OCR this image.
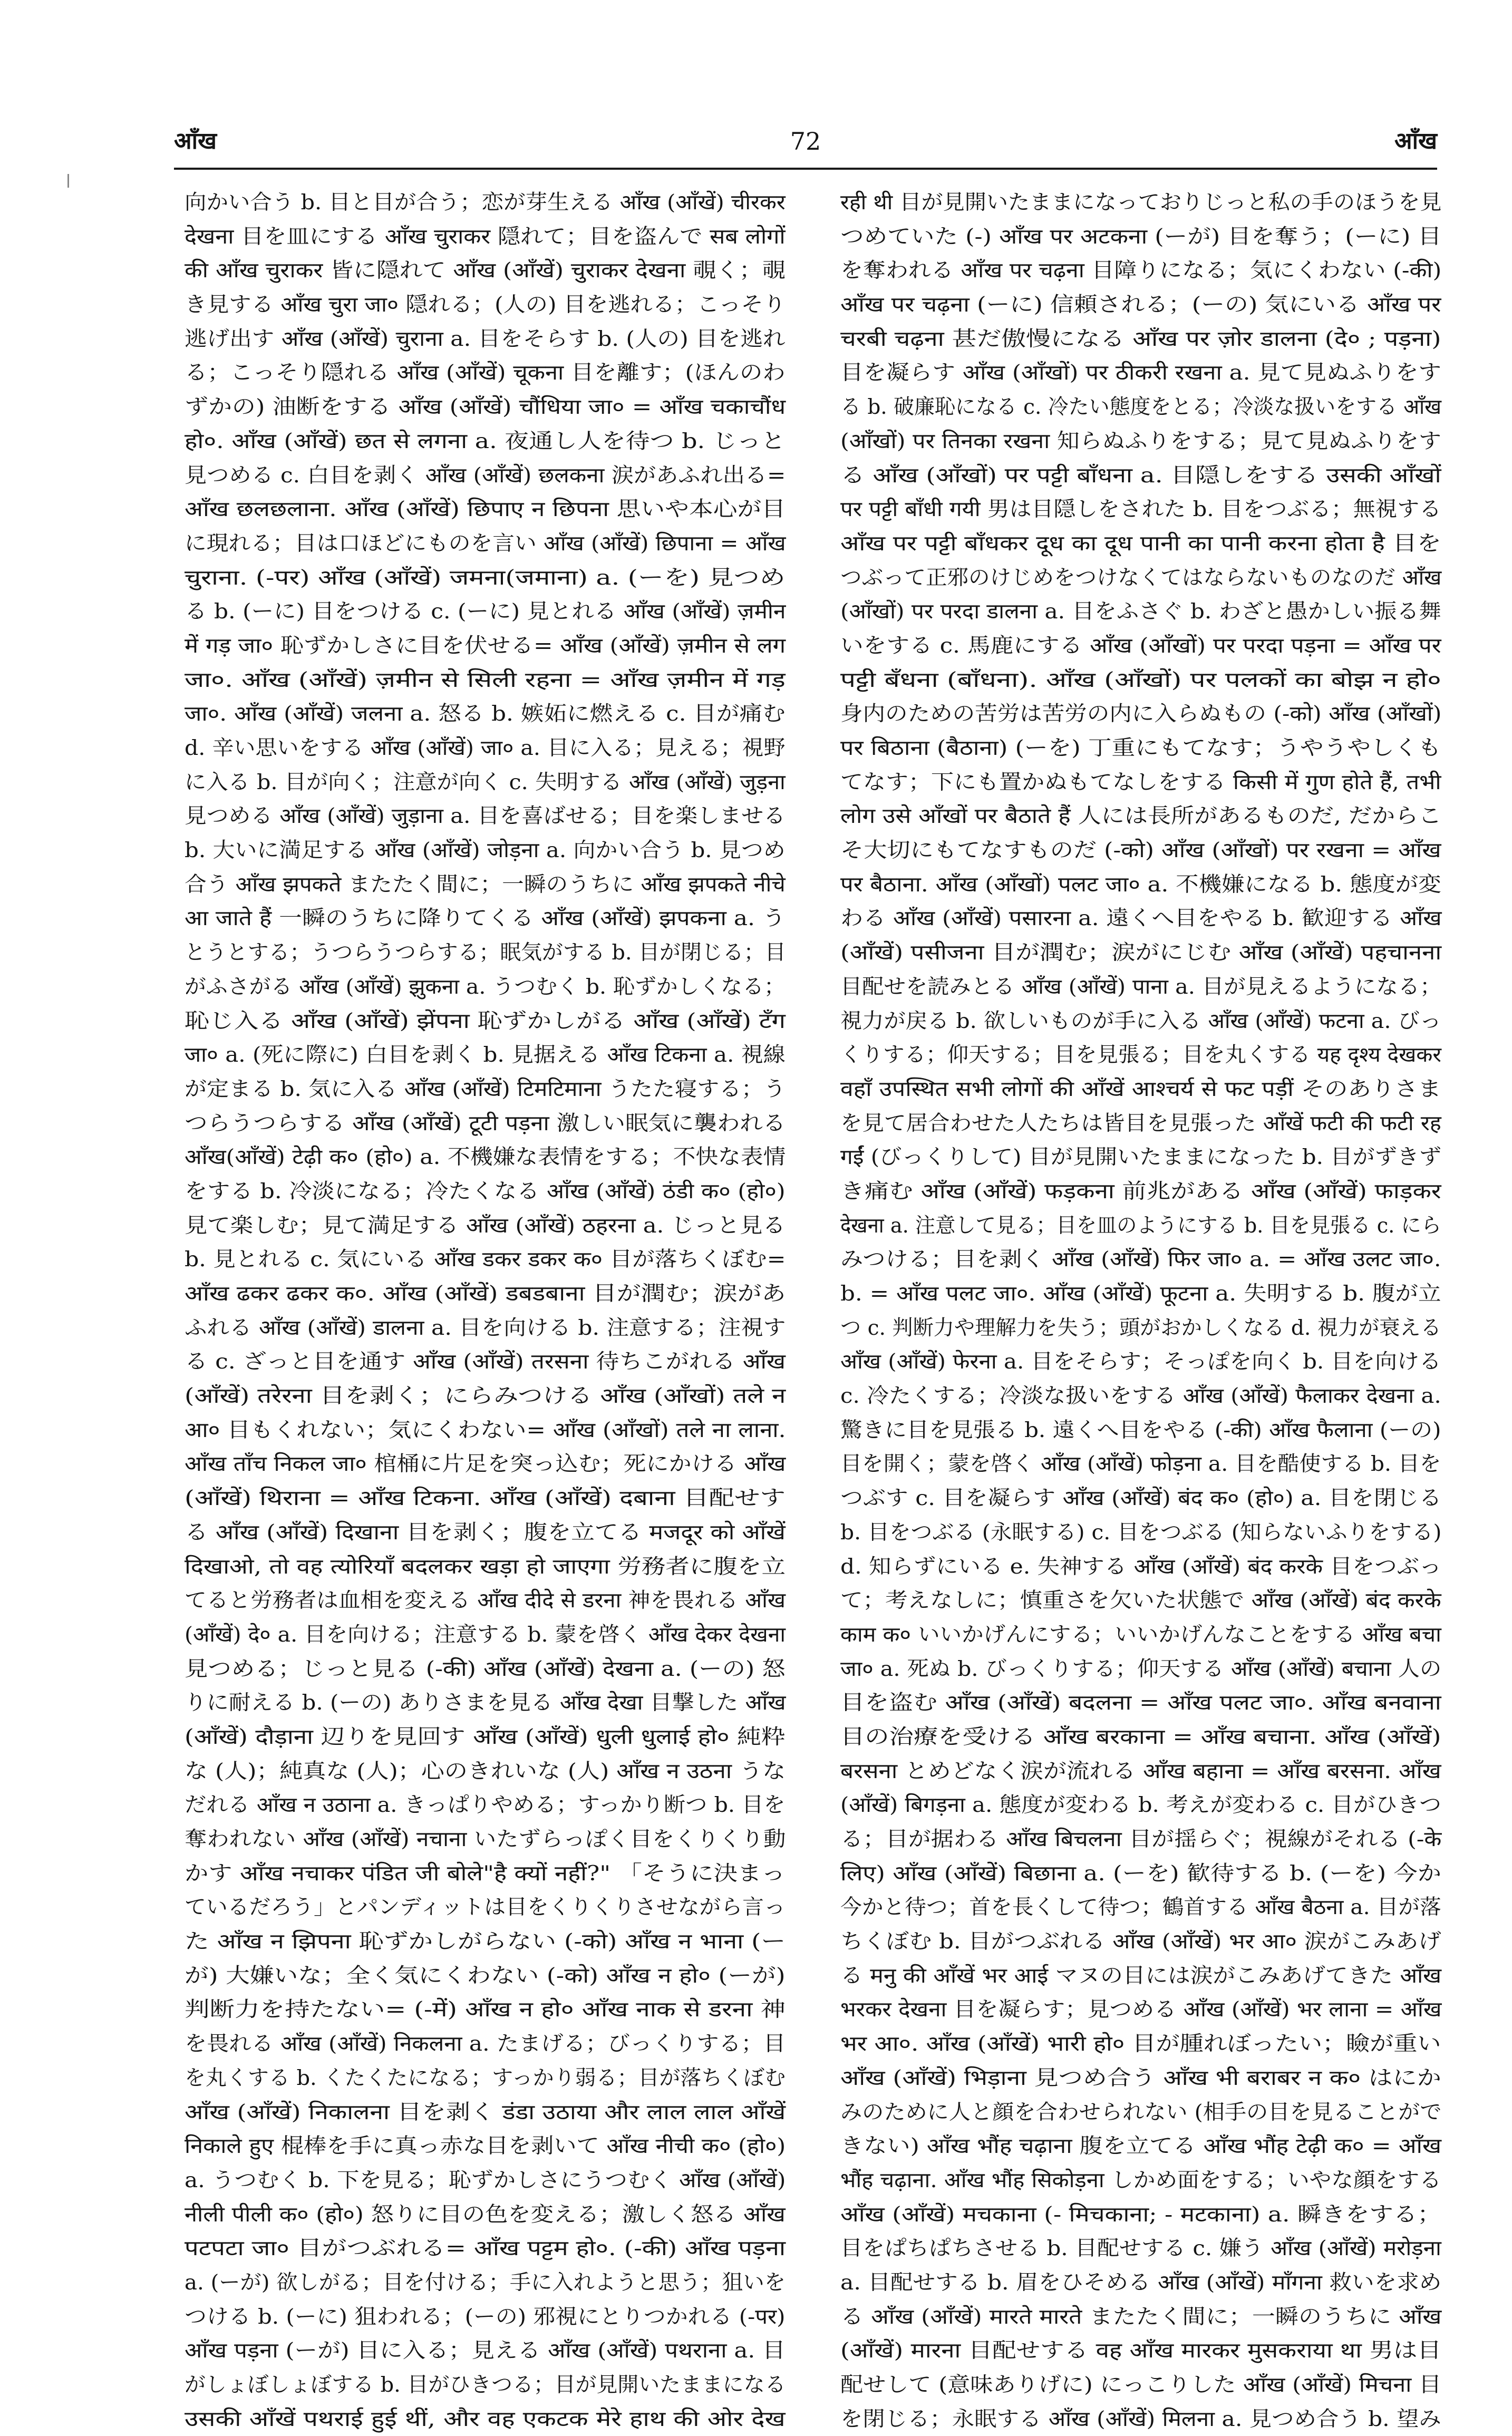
72
आँख	आँख
向かい合う b. 目と目が合う；恋が芽生える आँख (आँखें) चीरकर
देखना 目を皿にする आँख चुराकर 隠れて；目を盗んで सब लोगों
की आँख चुराकर 皆に隠れて आँख (आँखें) चुराकर देखना 覗く；覗
き見する आँख चुरा जा० 隠れる；(人の) 目を逃れる；こっそり
逃げ出す आँख (आँखें) चुराना a. 目をそらす b. (人の) 目を逃れ
る；こっそり隠れる आँख (आँखें) चूकना 目を離す；(ほんのわ
ずかの) 油断をする आँख (आँखें) चौंधिया जा० = आँख चकाचौंध
हो०. आँख (आँखें) छत से लगना a. 夜通し人を待つ b. じっと
見つめる c. 白目を剥く आँख (आँखें) छलकना 涙があふれ出る=
आँख छलछलाना. आँख (आँखें) छिपाए न छिपना 思いや本心が目
に現れる；目は口ほどにものを言い आँख (आँखें) छिपाना = आँख
चुराना. (-पर) आँख (आँखें) जमना(जमाना) a. (ーを) 見つめ
る b. (ーに) 目をつける c. (ーに) 見とれる आँख (आँखें) ज़मीन
में गड़ जा० 恥ずかしさに目を伏せる= आँख (आँखें) ज़मीन से लग
जा०. आँख (आँखें) ज़मीन से सिली रहना = आँख ज़मीन में गड़
जा०. आँख (आँखें) जलना a. 怒る b. 嫉妬に燃える c. 目が痛む
d. 辛い思いをする आँख (आँखें) जा० a. 目に入る；見える；視野
に入る b. 目が向く；注意が向く c. 失明する आँख (आँखें) जुड़ना
見つめる आँख (आँखें) जुड़ाना a. 目を喜ばせる；目を楽しませる
b. 大いに満足する आँख (आँखें) जोड़ना a. 向かい合う b. 見つめ
合う आँख झपकते またたく間に；一瞬のうちに आँख झपकते नीचे
आ जाते हैं 一瞬のうちに降りてくる आँख (आँखें) झपकना a. う
とうとする；うつらうつらする；眠気がする b. 目が閉じる；目
がふさがる आँख (आँखें) झुकना a. うつむく b. 恥ずかしくなる；
恥じ入る आँख (आँखें) झेंपना 恥ずかしがる आँख (आँखें) टँग
जा० a. (死に際に) 白目を剥く b. 見据える आँख टिकना a. 視線
が定まる b. 気に入る आँख (आँखें) टिमटिमाना うたた寝する；う
つらうつらする आँख (आँखें) टूटी पड़ना 激しい眠気に襲われる
आँख(आँखें) टेढ़ी क० (हो०) a. 不機嫌な表情をする；不快な表情
をする b. 冷淡になる；冷たくなる आँख (आँखें) ठंडी क० (हो०)
見て楽しむ；見て満足する आँख (आँखें) ठहरना a. じっと見る
b. 見とれる c. 気にいる आँख डकर डकर क० 目が落ちくぼむ=
आँख ढकर ढकर क०. आँख (आँखें) डबडबाना 目が潤む；涙があ
ふれる आँख (आँखें) डालना a. 目を向ける b. 注意する；注視す
る c. ざっと目を通す आँख (आँखें) तरसना 待ちこがれる आँख
(आँखें) तरेरना 目を剥く；にらみつける आँख (आँखों) तले न
आ० 目もくれない；気にくわない= आँख (आँखों) तले ना लाना.
आँख ताँच निकल जा० 棺桶に片足を突っ込む；死にかける आँख
(आँखें) थिराना = आँख टिकना. आँख (आँखें) दबाना 目配せす
る आँख (आँखें) दिखाना 目を剥く；腹を立てる मजदूर को आँखें
दिखाओ, तो वह त्योरियाँ बदलकर खड़ा हो जाएगा 労務者に腹を立
てると労務者は血相を変える आँख दीदे से डरना 神を畏れる आँख
(आँखें) दे० a. 目を向ける；注意する b. 蒙を啓く आँख देकर देखना
見つめる；じっと見る (-की) आँख (आँखें) देखना a. (ーの) 怒
りに耐える b. (ーの) ありさまを見る आँख देखा 目撃した आँख
(आँखें) दौड़ाना 辺りを見回す आँख (आँखें) धुली धुलाई हो० 純粋
な (人)；純真な (人)；心のきれいな (人) आँख न उठना うな
だれる आँख न उठाना a. きっぱりやめる；すっかり断つ b. 目を
奪われない आँख (आँखें) नचाना いたずらっぽく目をくりくり動
かす आँख नचाकर पंडित जी बोले"है क्यों नहीं?" 「そうに決まっ
ているだろう」とパンディットは目をくりくりさせながら言っ
た आँख न झिपना 恥ずかしがらない (-को) आँख न भाना (ー
が) 大嫌いな；全く気にくわない (-को) आँख न हो० (ーが)
判断力を持たない= (-में) आँख न हो० आँख नाक से डरना 神
を畏れる आँख (आँखें) निकलना a. たまげる；びっくりする；目
を丸くする b. くたくたになる；すっかり弱る；目が落ちくぼむ
आँख (आँखें) निकालना 目を剥く डंडा उठाया और लाल लाल आँखें
निकाले हुए 棍棒を手に真っ赤な目を剥いて आँख नीची क० (हो०)
a. うつむく b. 下を見る；恥ずかしさにうつむく आँख (आँखें)
नीली पीली क० (हो०) 怒りに目の色を変える；激しく怒る आँख
पटपटा जा० 目がつぶれる= आँख पट्टम हो०. (-की) आँख पड़ना
a. (ーが) 欲しがる；目を付ける；手に入れようと思う；狙いを
つける b. (ーに) 狙われる；(ーの) 邪視にとりつかれる (-पर)
आँख पड़ना (ーが) 目に入る；見える आँख (आँखें) पथराना a. 目
がしょぼしょぼする b. 目がひきつる；目が見開いたままになる
उसकी आँखें पथराई हुई थीं, और वह एकटक मेरे हाथ की ओर देख
रही थी 目が見開いたままになっておりじっと私の手のほうを見
つめていた (-) आँख पर अटकना (ーが) 目を奪う；(ーに) 目
を奪われる आँख पर चढ़ना 目障りになる；気にくわない (-की)
आँख पर चढ़ना (ーに) 信頼される；(ーの) 気にいる आँख पर
चरबी चढ़ना 甚だ傲慢になる आँख पर ज़ोर डालना (दे० ; पड़ना)
目を凝らす आँख (आँखों) पर ठीकरी रखना a. 見て見ぬふりをす
る b. 破廉恥になる c. 冷たい態度をとる；冷淡な扱いをする आँख
(आँखों) पर तिनका रखना 知らぬふりをする；見て見ぬふりをす
る आँख (आँखों) पर पट्टी बाँधना a. 目隠しをする उसकी आँखों
पर पट्टी बाँधी गयी 男は目隠しをされた b. 目をつぶる；無視する
आँख पर पट्टी बाँधकर दूध का दूध पानी का पानी करना होता है 目を
つぶって正邪のけじめをつけなくてはならないものなのだ आँख
(आँखों) पर परदा डालना a. 目をふさぐ b. わざと愚かしい振る舞
いをする c. 馬鹿にする आँख (आँखों) पर परदा पड़ना = आँख पर
पट्टी बँधना (बाँधना). आँख (आँखों) पर पलकों का बोझ न हो०
身内のための苦労は苦労の内に入らぬもの (-को) आँख (आँखों)
पर बिठाना (बैठाना) (ーを) 丁重にもてなす；うやうやしくも
てなす；下にも置かぬもてなしをする किसी में गुण होते हैं, तभी
लोग उसे आँखों पर बैठाते हैं 人には長所があるものだ, だからこ
そ大切にもてなすものだ (-को) आँख (आँखों) पर रखना = आँख
पर बैठाना. आँख (आँखों) पलट जा० a. 不機嫌になる b. 態度が変
わる आँख (आँखें) पसारना a. 遠くへ目をやる b. 歓迎する आँख
(आँखें) पसीजना 目が潤む；涙がにじむ आँख (आँखें) पहचानना
目配せを読みとる आँख (आँखें) पाना a. 目が見えるようになる；
視力が戻る b. 欲しいものが手に入る आँख (आँखें) फटना a. びっ
くりする；仰天する；目を見張る；目を丸くする यह दृश्य देखकर
वहाँ उपस्थित सभी लोगों की आँखें आश्चर्य से फट पड़ीं そのありさま
を見て居合わせた人たちは皆目を見張った आँखें फटी की फटी रह
गईं (びっくりして) 目が見開いたままになった b. 目がずきず
き痛む आँख (आँखें) फड़कना 前兆がある आँख (आँखें) फाड़कर
देखना a. 注意して見る；目を皿のようにする b. 目を見張る c. にら
みつける；目を剥く आँख (आँखें) फिर जा० a. = आँख उलट जा०.
b. = आँख पलट जा०. आँख (आँखें) फूटना a. 失明する b. 腹が立
つ c. 判断力や理解力を失う；頭がおかしくなる d. 視力が衰える
आँख (आँखें) फेरना a. 目をそらす；そっぽを向く b. 目を向ける
c. 冷たくする；冷淡な扱いをする आँख (आँखें) फैलाकर देखना a.
驚きに目を見張る b. 遠くへ目をやる (-की) आँख फैलाना (ーの)
目を開く；蒙を啓く आँख (आँखें) फोड़ना a. 目を酷使する b. 目を
つぶす c. 目を凝らす आँख (आँखें) बंद क० (हो०) a. 目を閉じる
b. 目をつぶる (永眠する) c. 目をつぶる (知らないふりをする)
d. 知らずにいる e. 失神する आँख (आँखें) बंद करके 目をつぶっ
て；考えなしに；慎重さを欠いた状態で आँख (आँखें) बंद करके
काम क० いいかげんにする；いいかげんなことをする आँख बचा
जा० a. 死ぬ b. びっくりする；仰天する आँख (आँखें) बचाना 人の
目を盗む आँख (आँखें) बदलना = आँख पलट जा०. आँख बनवाना
目の治療を受ける आँख बरकाना = आँख बचाना. आँख (आँखें)
बरसना とめどなく涙が流れる आँख बहाना = आँख बरसना. आँख
(आँखें) बिगड़ना a. 態度が変わる b. 考えが変わる c. 目がひきつ
る；目が据わる आँख बिचलना 目が揺らぐ；視線がそれる (-के
लिए) आँख (आँखें) बिछाना a. (ーを) 歓待する b. (ーを) 今か
今かと待つ；首を長くして待つ；鶴首する आँख बैठना a. 目が落
ちくぼむ b. 目がつぶれる आँख (आँखें) भर आ० 涙がこみあげ
る मनु की आँखें भर आई マヌの目には涙がこみあげてきた आँख
भरकर देखना 目を凝らす；見つめる आँख (आँखें) भर लाना = आँख
भर आ०. आँख (आँखें) भारी हो० 目が腫れぼったい；瞼が重い
आँख (आँखें) भिड़ाना 見つめ合う आँख भी बराबर न क० はにか
みのために人と顔を合わせられない (相手の目を見ることがで
きない) आँख भौंह चढ़ाना 腹を立てる आँख भौंह टेढ़ी क० = आँख
भौंह चढ़ाना. आँख भौंह सिकोड़ना しかめ面をする；いやな顔をする
आँख (आँखें) मचकाना (- मिचकाना; - मटकाना) a. 瞬きをする；
目をぱちぱちさせる b. 目配せする c. 嫌う आँख (आँखें) मरोड़ना
a. 目配せする b. 眉をひそめる आँख (आँखें) माँगना 救いを求め
る आँख (आँखें) मारते मारते またたく間に；一瞬のうちに आँख
(आँखें) मारना 目配せする वह आँख मारकर मुसकराया था 男は目
配せして (意味ありげに) にっこりした आँख (आँखें) मिचना 目
を閉じる；永眠する आँख (आँखें) मिलना a. 見つめ合う b. 望み
